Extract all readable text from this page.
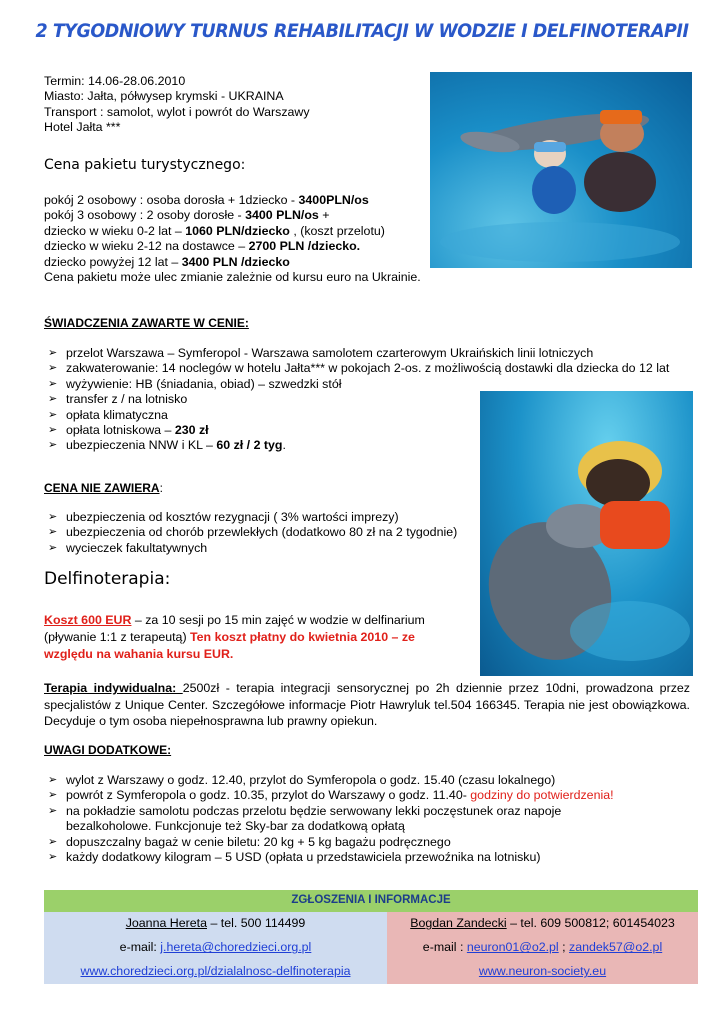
2 TYGODNIOWY TURNUS REHABILITACJI W WODZIE I DELFINOTERAPII
Termin: 14.06-28.06.2010
Miasto: Jałta, półwysep krymski - UKRAINA
Transport : samolot, wylot i powrót do Warszawy
Hotel Jałta ***
Cena pakietu turystycznego:
pokój 2 osobowy : osoba dorosła + 1dziecko - 3400PLN/os
pokój 3 osobowy : 2 osoby dorosłe - 3400 PLN/os +
dziecko w wieku 0-2 lat – 1060 PLN/dziecko , (koszt przelotu)
dziecko w wieku 2-12 na dostawce – 2700 PLN /dziecko.
dziecko powyżej 12 lat – 3400 PLN /dziecko
Cena pakietu może ulec zmianie zależnie od kursu euro na Ukrainie.
ŚWIADCZENIA ZAWARTE W CENIE:
➢ przelot Warszawa – Symferopol - Warszawa samolotem czarterowym Ukraińskich linii lotniczych
➢ zakwaterowanie: 14 noclegów w hotelu Jałta*** w pokojach 2-os. z możliwością dostawki dla dziecka do 12 lat
➢ wyżywienie: HB (śniadania, obiad) – szwedzki stół
➢ transfer z / na lotnisko
➢ opłata klimatyczna
➢ opłata lotniskowa – 230 zł
➢ ubezpieczenia NNW i KL – 60 zł / 2 tyg.
CENA NIE ZAWIERA:
➢ ubezpieczenia od kosztów rezygnacji ( 3% wartości imprezy)
➢ ubezpieczenia od chorób przewlekłych (dodatkowo 80 zł na 2 tygodnie)
➢ wycieczek fakultatywnych
Delfinoterapia:
Koszt 600 EUR – za 10 sesji po 15 min zajęć w wodzie w delfinarium
(pływanie 1:1 z terapeutą) Ten koszt płatny do kwietnia 2010 – ze
względu na wahania kursu EUR.
Terapia indywidualna: 2500zł - terapia integracji sensorycznej po 2h dziennie przez 10dni, prowadzona przez specjalistów z Unique Center. Szczegółowe informacje Piotr Hawryluk tel.504 166345. Terapia nie jest obowiązkowa. Decyduje o tym osoba niepełnosprawna lub prawny opiekun.
UWAGI DODATKOWE:
➢ wylot z Warszawy o godz. 12.40, przylot do Symferopola o godz. 15.40 (czasu lokalnego)
➢ powrót z Symferopola o godz. 10.35, przylot do Warszawy o godz. 11.40- godziny do potwierdzenia!
➢ na pokładzie samolotu podczas przelotu będzie serwowany lekki poczęstunek oraz napoje bezalkoholowe. Funkcjonuje też Sky-bar za dodatkową opłatą
➢ dopuszczalny bagaż w cenie biletu: 20 kg + 5 kg bagażu podręcznego
➢ każdy dodatkowy kilogram – 5 USD (opłata u przedstawiciela przewoźnika na lotnisku)
ZGŁOSZENIA I INFORMACJE	
Joanna Hereta – tel. 500 114499	Bogdan Zandecki – tel. 609 500812; 601454023
e-mail: j.hereta@choredzieci.org.pl	e-mail : neuron01@o2.pl ; zandek57@o2.pl
www.choredzieci.org.pl/dzialalnosc-delfinoterapia	www.neuron-society.eu
